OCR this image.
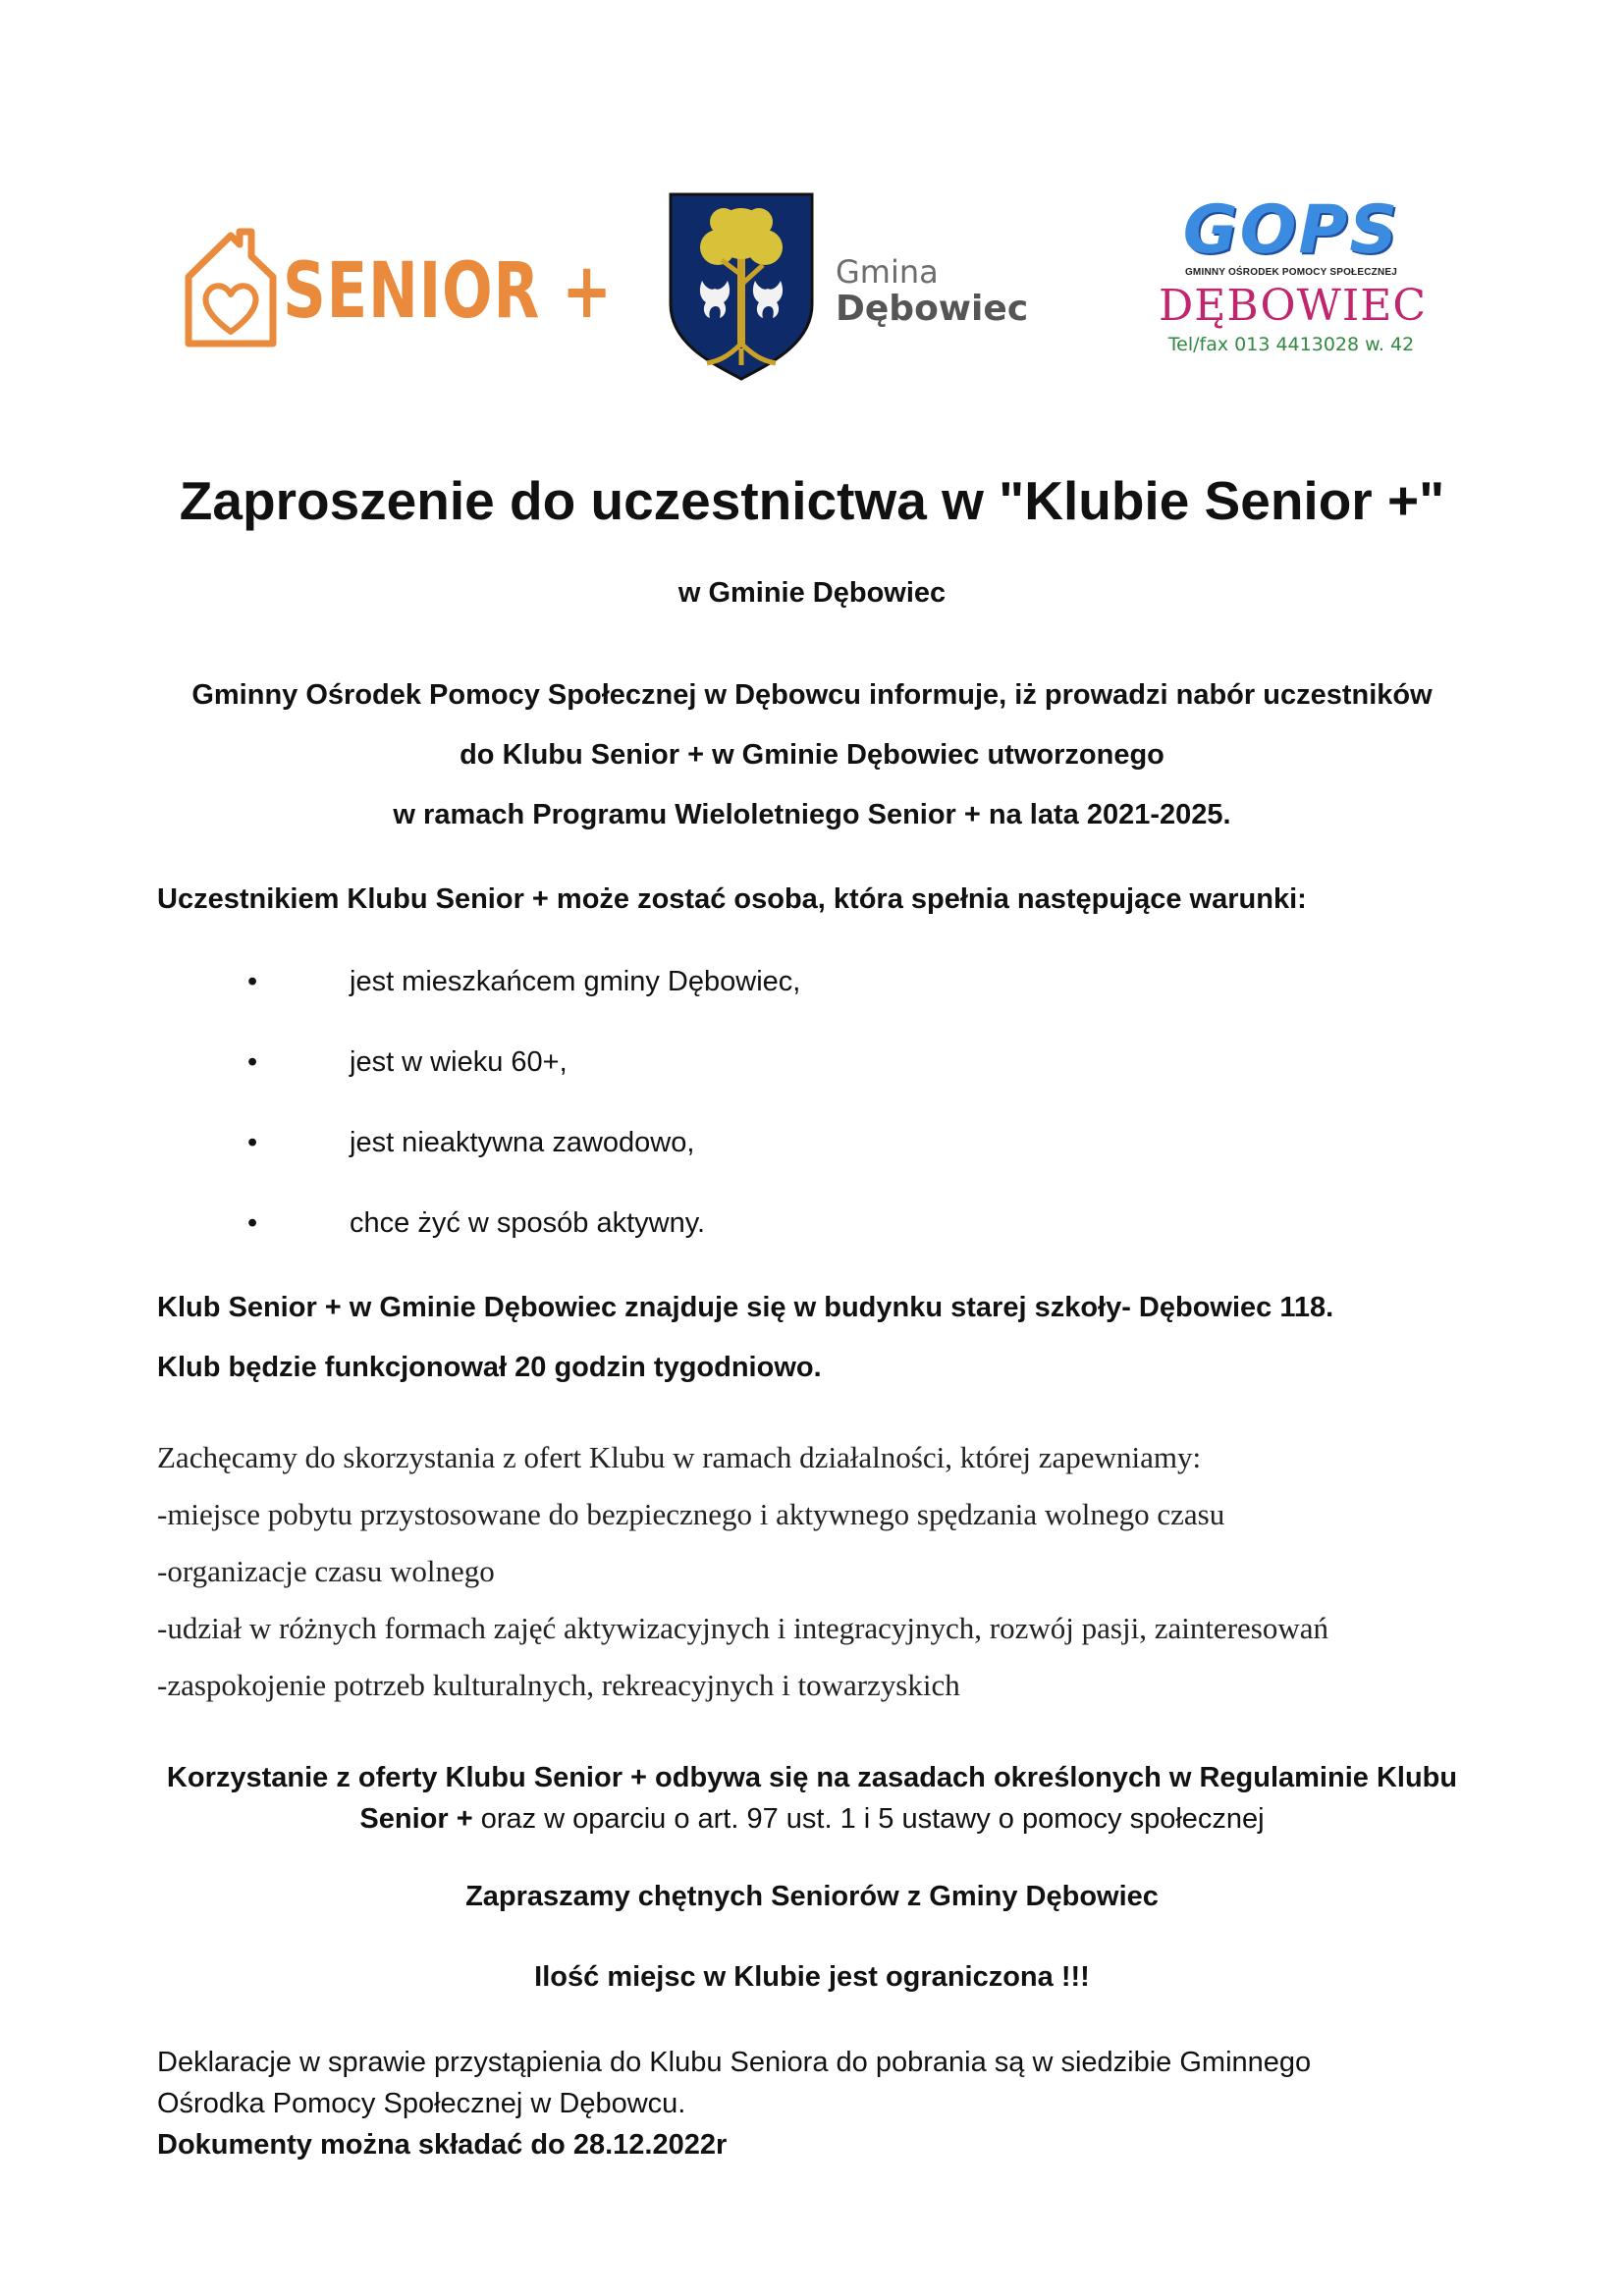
SENIOR +	Gmina
Dębowiec
GOPS
GMINNY OŚRODEK POMOCY SPOŁECZNEJ
DĘBOWIEC
Tel/fax 013 4413028 w. 42
Zaproszenie do uczestnictwa w "Klubie Senior +"
w Gminie Dębowiec
Gminny Ośrodek Pomocy Społecznej w Dębowcu informuje, iż prowadzi nabór uczestników
do Klubu Senior + w Gminie Dębowiec utworzonego
w ramach Programu Wieloletniego Senior + na lata 2021-2025.
Uczestnikiem Klubu Senior + może zostać osoba, która spełnia następujące warunki:
•	jest mieszkańcem gminy Dębowiec,
•	jest w wieku 60+,
•	jest nieaktywna zawodowo,
•	chce żyć w sposób aktywny.
Klub Senior + w Gminie Dębowiec znajduje się w budynku starej szkoły- Dębowiec 118.
Klub będzie funkcjonował 20 godzin tygodniowo.
Zachęcamy do skorzystania z ofert Klubu w ramach działalności, której zapewniamy:
-miejsce pobytu przystosowane do bezpiecznego i aktywnego spędzania wolnego czasu
-organizacje czasu wolnego
-udział w różnych formach zajęć aktywizacyjnych i integracyjnych, rozwój pasji, zainteresowań
-zaspokojenie potrzeb kulturalnych, rekreacyjnych i towarzyskich
Korzystanie z oferty Klubu Senior + odbywa się na zasadach określonych w Regulaminie Klubu
Senior + oraz w oparciu o art. 97 ust. 1 i 5 ustawy o pomocy społecznej
Zapraszamy chętnych Seniorów z Gminy Dębowiec
Ilość miejsc w Klubie jest ograniczona !!!
Deklaracje w sprawie przystąpienia do Klubu Seniora do pobrania są w siedzibie Gminnego
Ośrodka Pomocy Społecznej w Dębowcu.
Dokumenty można składać do 28.12.2022r
